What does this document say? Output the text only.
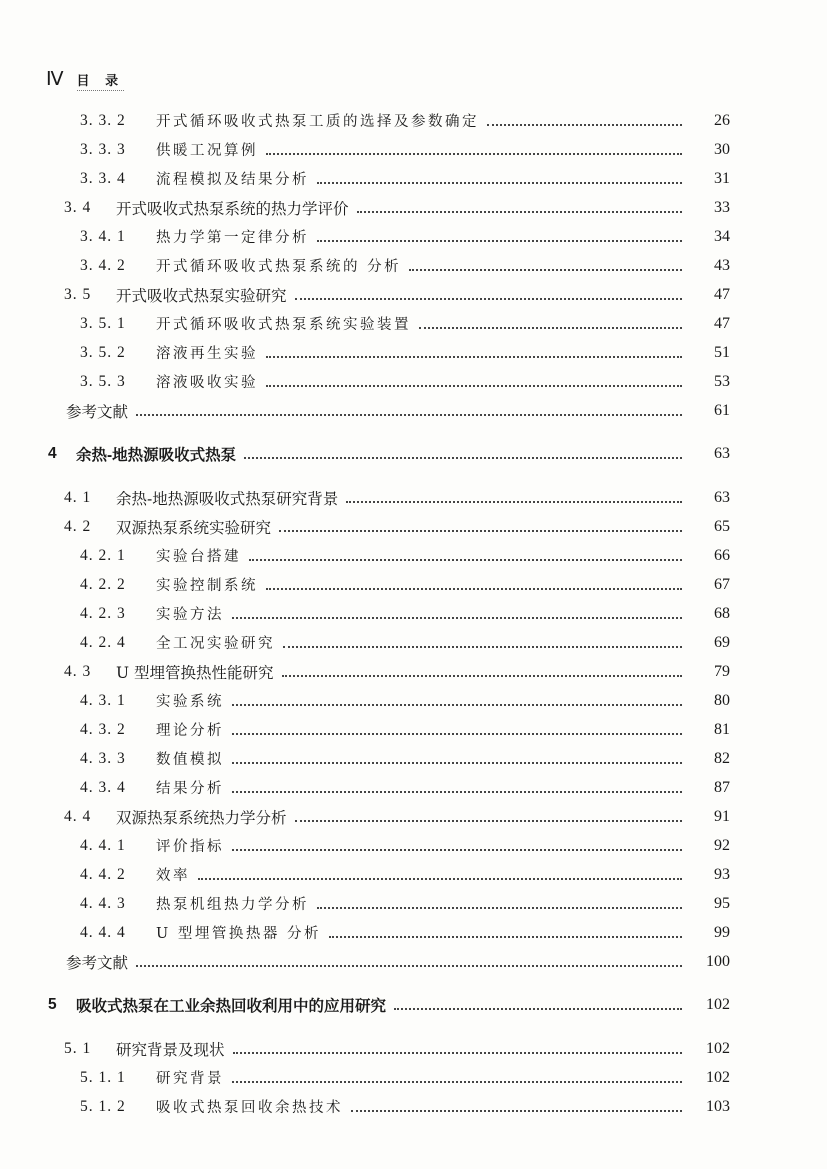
Ⅳ 目 录
3. 3. 2	开式循环吸收式热泵工质的选择及参数确定	26
3. 3. 3	供暖工况算例	30
3. 3. 4	流程模拟及结果分析	31
3. 4	开式吸收式热泵系统的热力学评价	33
3. 4. 1	热力学第一定律分析	34
3. 4. 2	开式循环吸收式热泵系统的 分析	43
3. 5	开式吸收式热泵实验研究	47
3. 5. 1	开式循环吸收式热泵系统实验装置	47
3. 5. 2	溶液再生实验	51
3. 5. 3	溶液吸收实验	53
参考文献	61
4	余热-地热源吸收式热泵	63
4. 1	余热-地热源吸收式热泵研究背景	63
4. 2	双源热泵系统实验研究	65
4. 2. 1	实验台搭建	66
4. 2. 2	实验控制系统	67
4. 2. 3	实验方法	68
4. 2. 4	全工况实验研究	69
4. 3	U 型埋管换热性能研究	79
4. 3. 1	实验系统	80
4. 3. 2	理论分析	81
4. 3. 3	数值模拟	82
4. 3. 4	结果分析	87
4. 4	双源热泵系统热力学分析	91
4. 4. 1	评价指标	92
4. 4. 2	效率	93
4. 4. 3	热泵机组热力学分析	95
4. 4. 4	U 型埋管换热器 分析	99
参考文献	100
5	吸收式热泵在工业余热回收利用中的应用研究	102
5. 1	研究背景及现状	102
5. 1. 1	研究背景	102
5. 1. 2	吸收式热泵回收余热技术	103
